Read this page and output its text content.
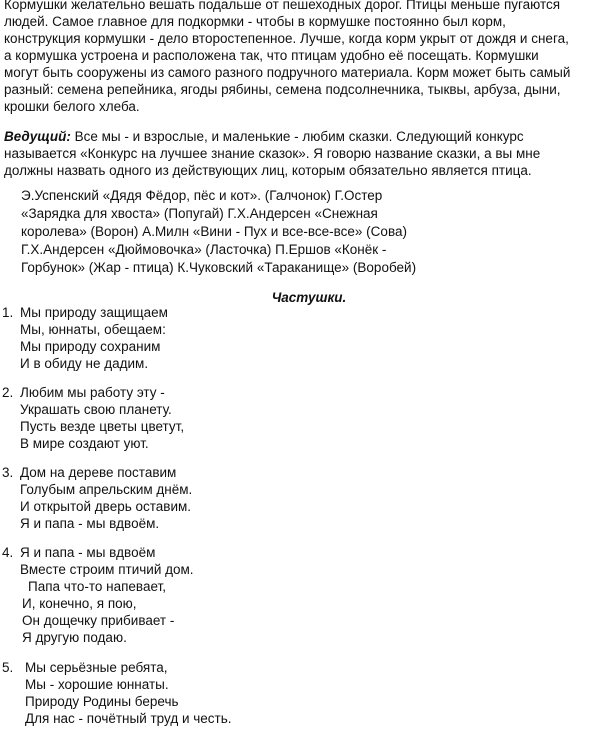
Кормушки желательно вешать подальше от пешеходных дорог. Птицы меньше пугаются
людей. Самое главное для подкормки - чтобы в кормушке постоянно был корм,
конструкция кормушки - дело второстепенное. Лучше, когда корм укрыт от дождя и снега,
а кормушка устроена и расположена так, что птицам удобно её посещать. Кормушки
могут быть сооружены из самого разного подручного материала. Корм может быть самый
разный: семена репейника, ягоды рябины, семена подсолнечника, тыквы, арбуза, дыни,
крошки белого хлеба.
Ведущий: Все мы - и взрослые, и маленькие - любим сказки. Следующий конкурс
называется «Конкурс на лучшее знание сказок». Я говорю название сказки, а вы мне
должны назвать одного из действующих лиц, которым обязательно является птица.
Э.Успенский «Дядя Фёдор, пёс и кот». (Галчонок) Г.Остер
«Зарядка для хвоста» (Попугай) Г.Х.Андерсен «Снежная
королева» (Ворон) А.Милн «Вини - Пух и все-все-все» (Сова)
Г.Х.Андерсен «Дюймовочка» (Ласточка) П.Ершов «Конёк -
Горбунок» (Жар - птица) К.Чуковский «Тараканище» (Воробей)
Частушки.
1. Мы природу защищаем
Мы, юннаты, обещаем:
Мы природу сохраним
И в обиду не дадим.
2. Любим мы работу эту -
Украшать свою планету.
Пусть везде цветы цветут,
В мире создают уют.
3. Дом на дереве поставим
Голубым апрельским днём.
И открытой дверь оставим.
Я и папа - мы вдвоём.
4. Я и папа - мы вдвоём
Вместе строим птичий дом.
Папа что-то напевает,
И, конечно, я пою,
Он дощечку прибивает -
Я другую подаю.
5. Мы серьёзные ребята,
Мы - хорошие юннаты.
Природу Родины беречь
Для нас - почётный труд и честь.
